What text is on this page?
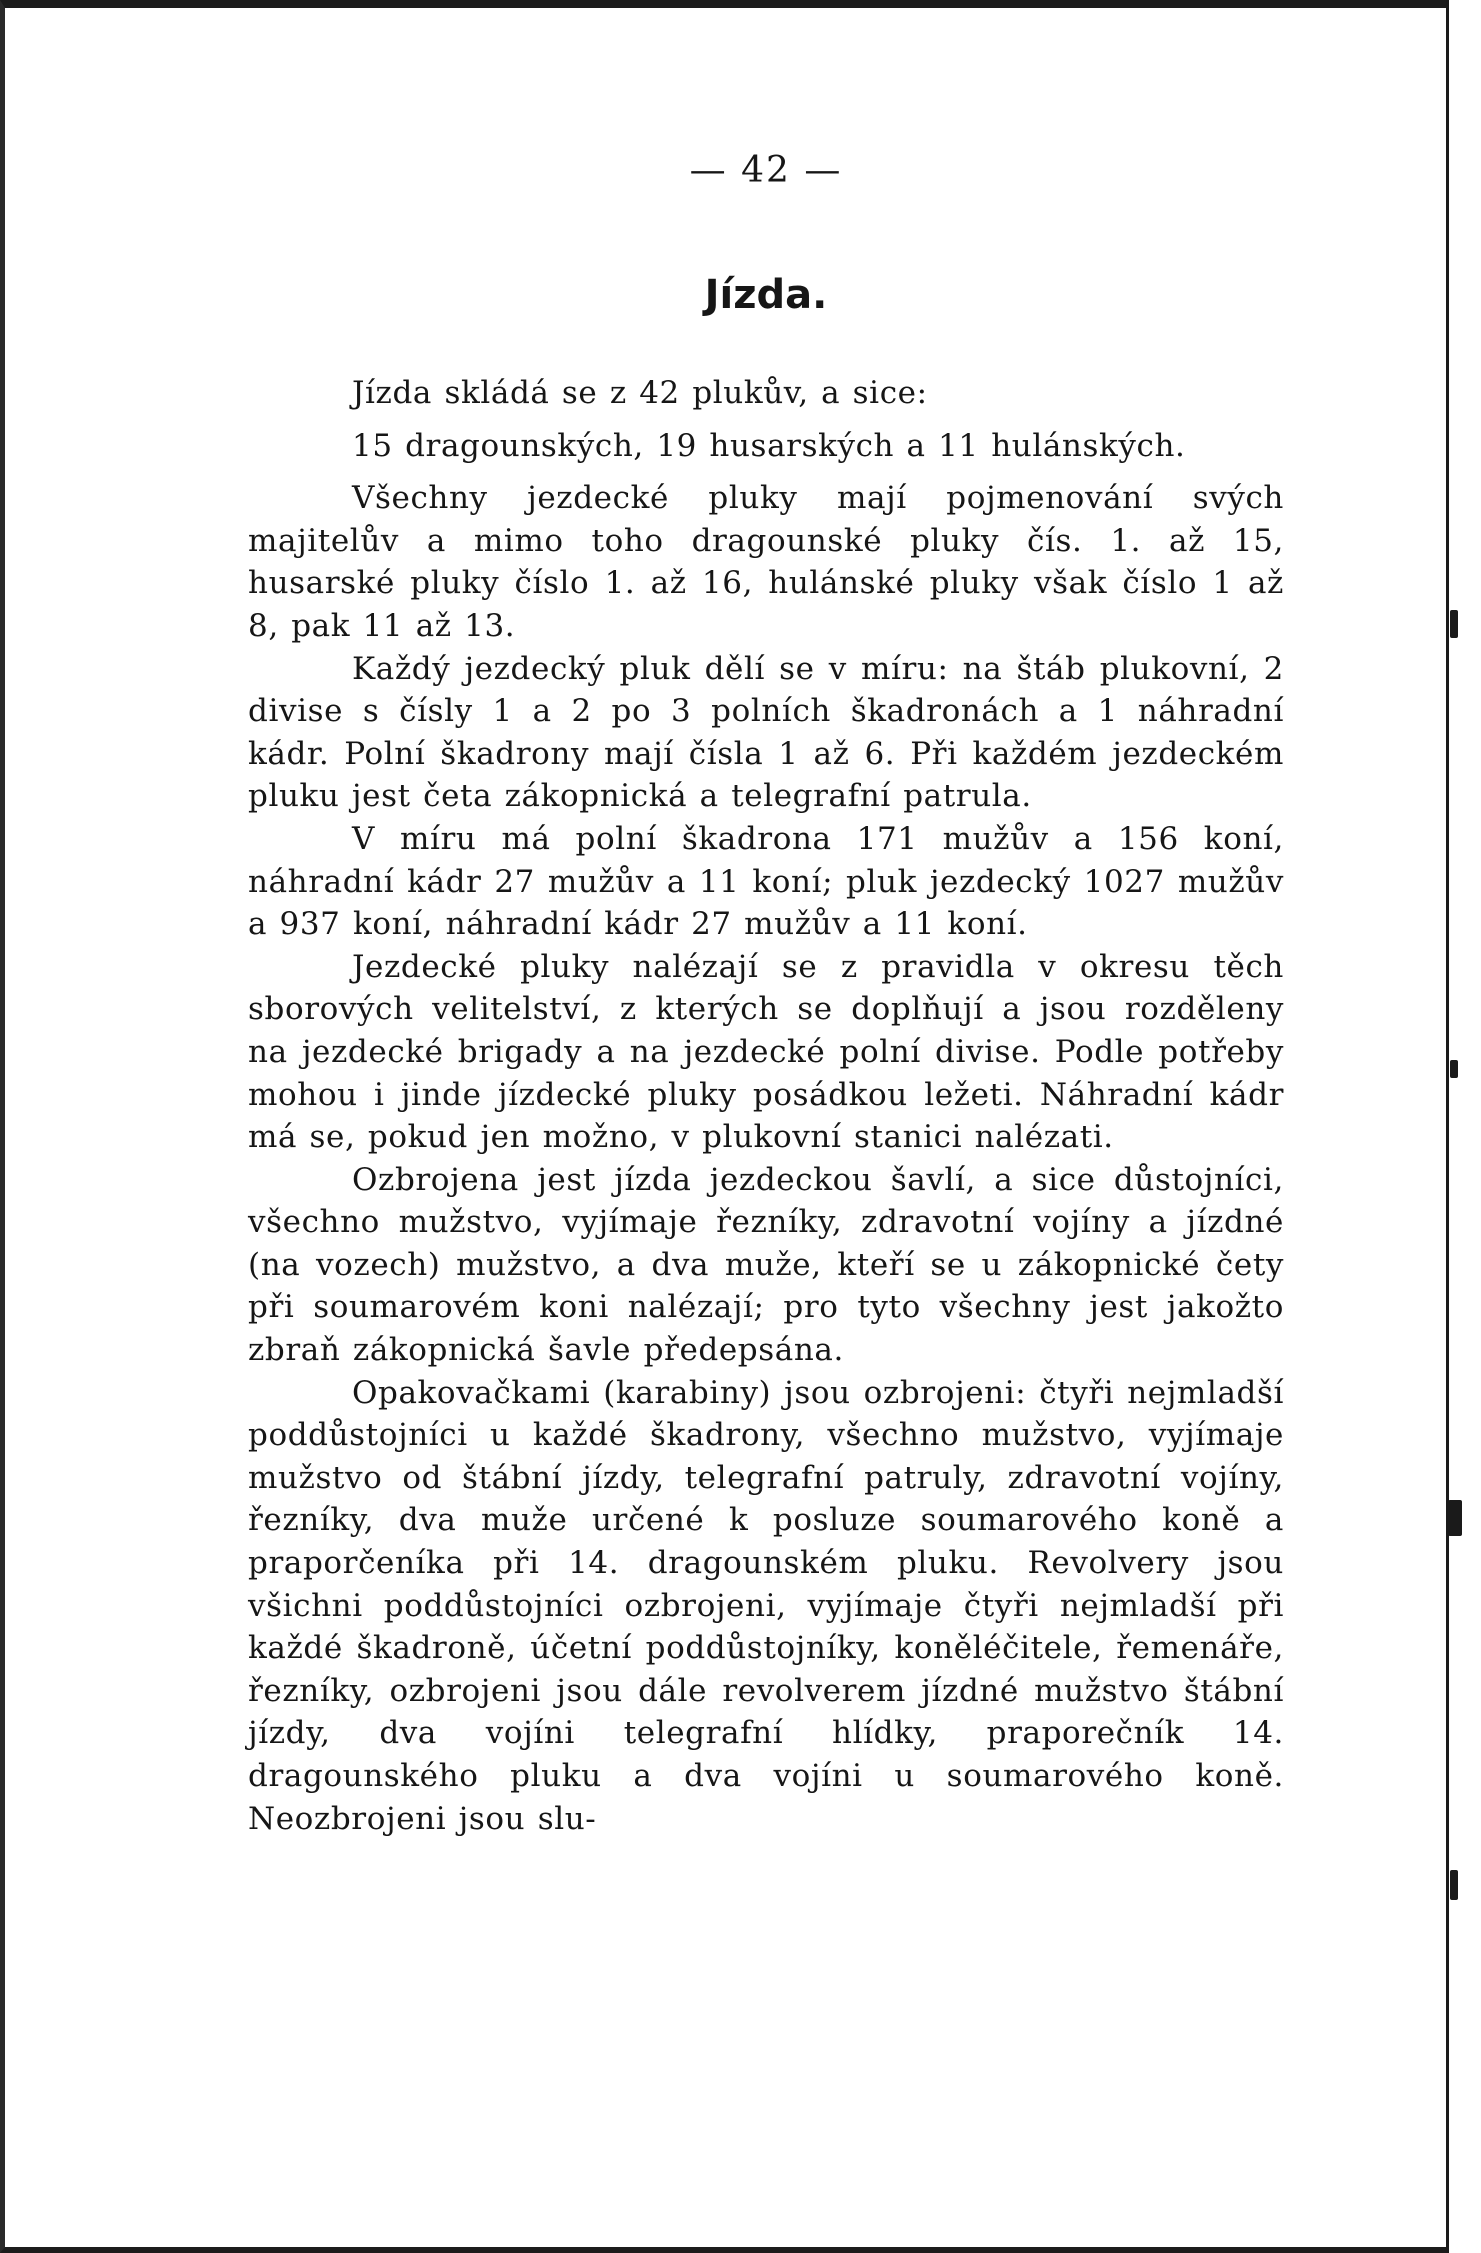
— 42 —
Jízda.

Jízda skládá se z 42 plukův, a sice:

15 dragounských, 19 husarských a 11 hulánských.

Všechny jezdecké pluky mají pojmenování svých majitelův a mimo toho dragounské pluky čís. 1. až 15, husarské pluky číslo 1. až 16, hulánské pluky však číslo 1 až 8, pak 11 až 13.

Každý jezdecký pluk dělí se v míru: na štáb plukovní, 2 divise s čísly 1 a 2 po 3 polních škadronách a 1 náhradní kádr. Polní škadrony mají čísla 1 až 6. Při každém jezdeckém pluku jest četa zákopnická a telegrafní patrula.

V míru má polní škadrona 171 mužův a 156 koní, náhradní kádr 27 mužův a 11 koní; pluk jezdecký 1027 mužův a 937 koní, náhradní kádr 27 mužův a 11 koní.

Jezdecké pluky nalézají se z pravidla v okresu těch sborových velitelství, z kterých se doplňují a jsou rozděleny na jezdecké brigady a na jezdecké polní divise. Podle potřeby mohou i jinde jízdecké pluky posádkou ležeti. Náhradní kádr má se, pokud jen možno, v plukovní stanici nalézati.

Ozbrojena jest jízda jezdeckou šavlí, a sice důstojníci, všechno mužstvo, vyjímaje řezníky, zdravotní vojíny a jízdné (na vozech) mužstvo, a dva muže, kteří se u zákopnické čety při soumarovém koni nalézají; pro tyto všechny jest jakožto zbraň zákopnická šavle předepsána.

Opakovačkami (karabiny) jsou ozbrojeni: čtyři nejmladší poddůstojníci u každé škadrony, všechno mužstvo, vyjímaje mužstvo od štábní jízdy, telegrafní patruly, zdravotní vojíny, řezníky, dva muže určené k posluze soumarového koně a praporčeníka při 14. dragounském pluku. Revolvery jsou všichni poddůstojníci ozbrojeni, vyjímaje čtyři nejmladší při každé škadroně, účetní poddůstojníky, koněléčitele, řemenáře, řezníky, ozbrojeni jsou dále revolverem jízdné mužstvo štábní jízdy, dva vojíni telegrafní hlídky, praporečník 14. dragounského pluku a dva vojíni u soumarového koně. Neozbrojeni jsou slu-
